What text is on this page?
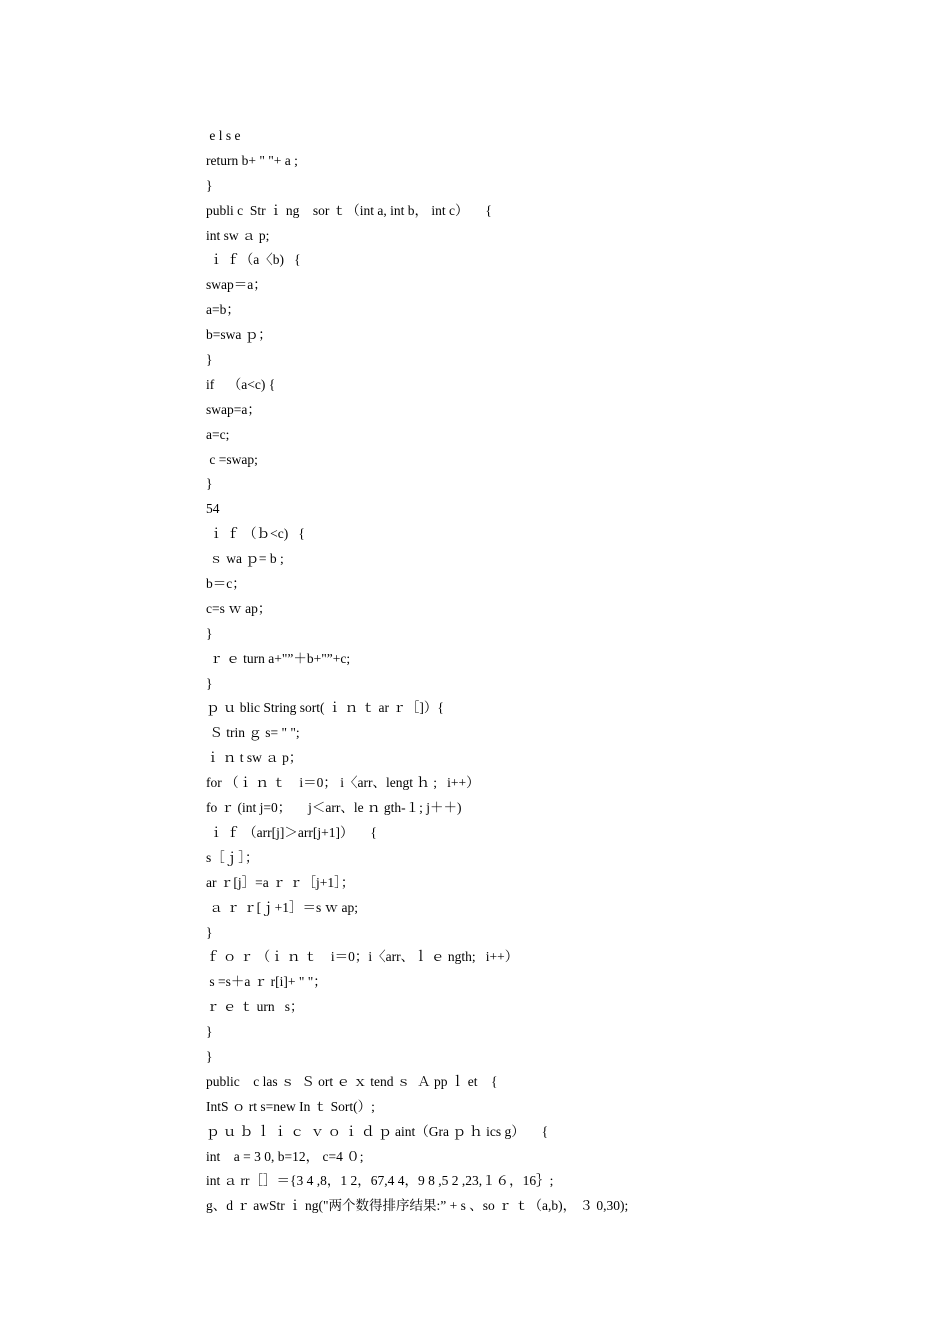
e l s e
return b+ " "+ a ;
}
publi c  Str ｉ ng    sor ｔ（int a, int b， int c）     {
int sw ａ p;
ｉ ｆ（a〈b)   {
swap＝a；
a=b；
b=swa ｐ；
}
if    （a<c) {
swap=a；
a=c;
c =swap;
}
54
ｉ ｆ （ｂ<c)   {
ｓ wa ｐ= b ;
b＝c；
c=s ｗ ap；
}
ｒ ｅ turn a+"”＋b+"”+c;
}
ｐ ｕ blic String sort( ｉ ｎ ｔ ar ｒ［]）{
Ｓ trin ｇ s= " ";
ｉ ｎ t sw ａ p；
for （ｉ ｎ ｔ    i＝0； i〈arr、lengt ｈ ;   i++）
fo ｒ (int j=0；     j＜arr、le ｎ gth-１; j＋＋)
ｉ ｆ （arr[j]＞arr[j+1]）     {
s［ｊ］；
ar ｒ[j］=a ｒ ｒ［j+1］；
ａ ｒ ｒ[ｊ+1］＝s ｗ ap;
}
ｆ ｏ ｒ （ｉ ｎ ｔ    i＝0；i〈arr、ｌ ｅ ngth;   i++）
s =s＋a ｒ r[i]+ " "；
ｒ ｅ ｔ urn   s；
}
}
public    c las ｓ  Ｓ ort ｅ ｘ tend ｓ  Ａ pp ｌ et    {
IntS ｏ rt s=new In ｔ Sort(）;
ｐ ｕ ｂ ｌ ｉ ｃ  ｖ ｏ ｉ ｄ ｐ aint（Gra ｐ ｈ ics g）     {
int    a = 3 0, b=12， c=4 ０;
int ａ rr［］＝{3 4 ,8，1 2，67,4 4，9 8 ,5 2 ,23,１６，16｝;
g、d ｒ awStr ｉ ng("两个数得排序结果:” + s 、so ｒ ｔ（a,b)， ３ 0,30);
